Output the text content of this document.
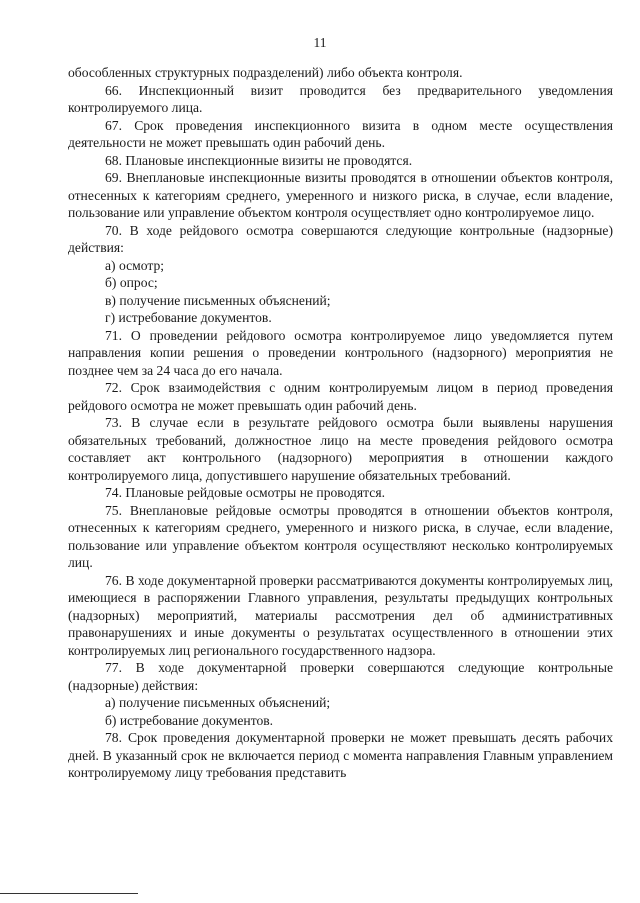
11

обособленных структурных подразделений) либо объекта контроля.

66. Инспекционный визит проводится без предварительного уведомления контролируемого лица.

67. Срок проведения инспекционного визита в одном месте осуществления деятельности не может превышать один рабочий день.

68. Плановые инспекционные визиты не проводятся.

69. Внеплановые инспекционные визиты проводятся в отношении объектов контроля, отнесенных к категориям среднего, умеренного и низкого риска, в случае, если владение, пользование или управление объектом контроля осуществляет одно контролируемое лицо.

70. В ходе рейдового осмотра совершаются следующие контрольные (надзорные) действия:

а) осмотр;

б) опрос;

в) получение письменных объяснений;

г) истребование документов.

71. О проведении рейдового осмотра контролируемое лицо уведомляется путем направления копии решения о проведении контрольного (надзорного) мероприятия не позднее чем за 24 часа до его начала.

72. Срок взаимодействия с одним контролируемым лицом в период проведения рейдового осмотра не может превышать один рабочий день.

73. В случае если в результате рейдового осмотра были выявлены нарушения обязательных требований, должностное лицо на месте проведения рейдового осмотра составляет акт контрольного (надзорного) мероприятия в отношении каждого контролируемого лица, допустившего нарушение обязательных требований.

74. Плановые рейдовые осмотры не проводятся.

75. Внеплановые рейдовые осмотры проводятся в отношении объектов контроля, отнесенных к категориям среднего, умеренного и низкого риска, в случае, если владение, пользование или управление объектом контроля осуществляют несколько контролируемых лиц.

76. В ходе документарной проверки рассматриваются документы контролируемых лиц, имеющиеся в распоряжении Главного управления, результаты предыдущих контрольных (надзорных) мероприятий, материалы рассмотрения дел об административных правонарушениях и иные документы о результатах осуществленного в отношении этих контролируемых лиц регионального государственного надзора.

77. В ходе документарной проверки совершаются следующие контрольные (надзорные) действия:

а) получение письменных объяснений;

б) истребование документов.

78. Срок проведения документарной проверки не может превышать десять рабочих дней. В указанный срок не включается период с момента направления Главным управлением контролируемому лицу требования представить
